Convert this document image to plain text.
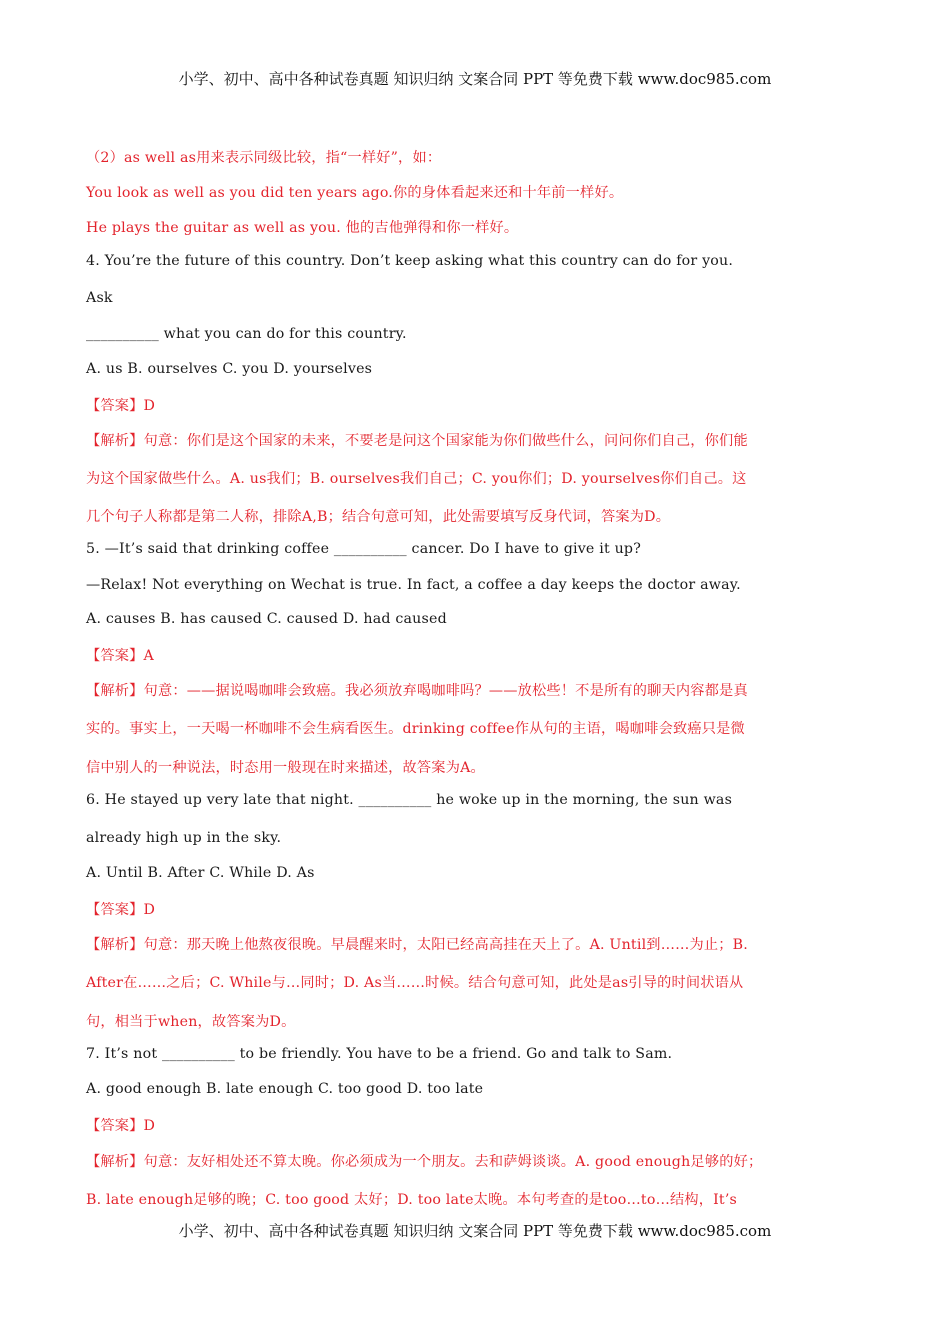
小学、初中、高中各种试卷真题 知识归纳 文案合同 PPT 等免费下载 www.doc985.com
（2）as well as用来表示同级比较，指“一样好”，如：
You look as well as you did ten years ago.你的身体看起来还和十年前一样好。
He plays the guitar as well as you. 他的吉他弹得和你一样好。
4. You’re the future of this country. Don’t keep asking what this country can do for you.
Ask
__________ what you can do for this country.
A. us B. ourselves C. you D. yourselves
【答案】D
【解析】句意：你们是这个国家的未来，不要老是问这个国家能为你们做些什么，问问你们自己，你们能
为这个国家做些什么。A. us我们；B. ourselves我们自己；C. you你们；D. yourselves你们自己。这
几个句子人称都是第二人称，排除A,B；结合句意可知，此处需要填写反身代词，答案为D。
5. —It’s said that drinking coffee __________ cancer. Do I have to give it up?
—Relax! Not everything on Wechat is true. In fact, a coffee a day keeps the doctor away.
A. causes B. has caused C. caused D. had caused
【答案】A
【解析】句意：——据说喝咖啡会致癌。我必须放弃喝咖啡吗？——放松些！不是所有的聊天内容都是真
实的。事实上，一天喝一杯咖啡不会生病看医生。drinking coffee作从句的主语，喝咖啡会致癌只是微
信中别人的一种说法，时态用一般现在时来描述，故答案为A。
6. He stayed up very late that night. __________ he woke up in the morning, the sun was
already high up in the sky.
A. Until B. After C. While D. As
【答案】D
【解析】句意：那天晚上他熬夜很晚。早晨醒来时，太阳已经高高挂在天上了。A. Until到……为止；B.
After在……之后；C. While与…同时；D. As当……时候。结合句意可知，此处是as引导的时间状语从
句，相当于when，故答案为D。
7. It’s not __________ to be friendly. You have to be a friend. Go and talk to Sam.
A. good enough B. late enough C. too good D. too late
【答案】D
【解析】句意：友好相处还不算太晚。你必须成为一个朋友。去和萨姆谈谈。A. good enough足够的好；
B. late enough足够的晚；C. too good 太好；D. too late太晚。本句考查的是too…to…结构，It’s
小学、初中、高中各种试卷真题 知识归纳 文案合同 PPT 等免费下载 www.doc985.com
